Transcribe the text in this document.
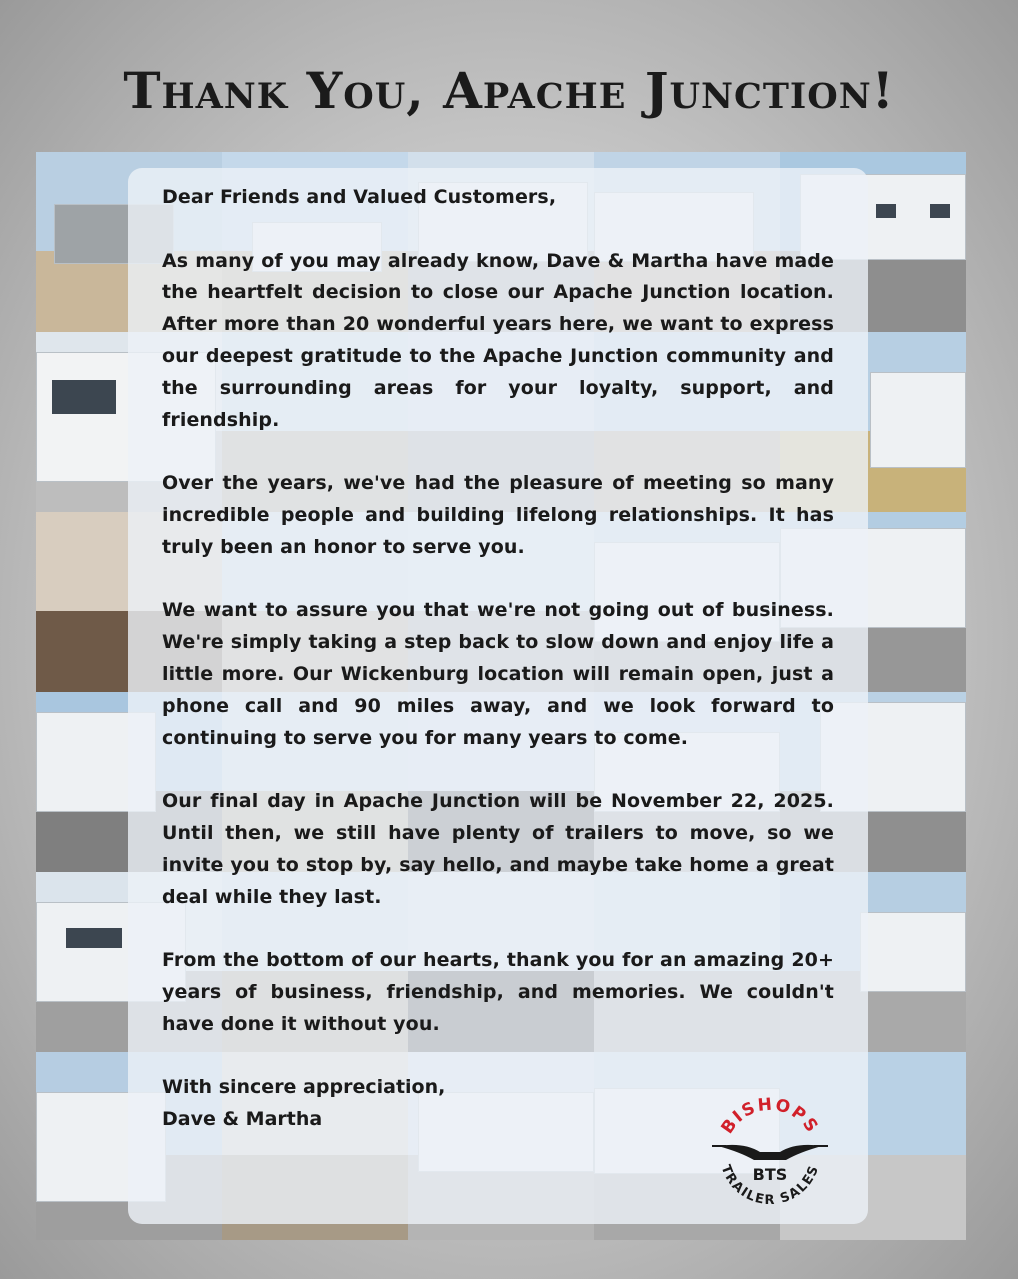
Thank You, Apache Junction!
Dear Friends and Valued Customers,
As many of you may already know, Dave & Martha have made the heartfelt decision to close our Apache Junction location. After more than 20 wonderful years here, we want to express our deepest gratitude to the Apache Junction community and the surrounding areas for your loyalty, support, and friendship.
Over the years, we've had the pleasure of meeting so many incredible people and building lifelong relationships. It has truly been an honor to serve you.
We want to assure you that we're not going out of business. We're simply taking a step back to slow down and enjoy life a little more. Our Wickenburg location will remain open, just a phone call and 90 miles away, and we look forward to continuing to serve you for many years to come.
Our final day in Apache Junction will be November 22, 2025. Until then, we still have plenty of trailers to move, so we invite you to stop by, say hello, and maybe take home a great deal while they last.
From the bottom of our hearts, thank you for an amazing 20+ years of business, friendship, and memories. We couldn't have done it without you.
With sincere appreciation,
Dave & Martha	BISHOPS
TRAILER SALES
BTS
